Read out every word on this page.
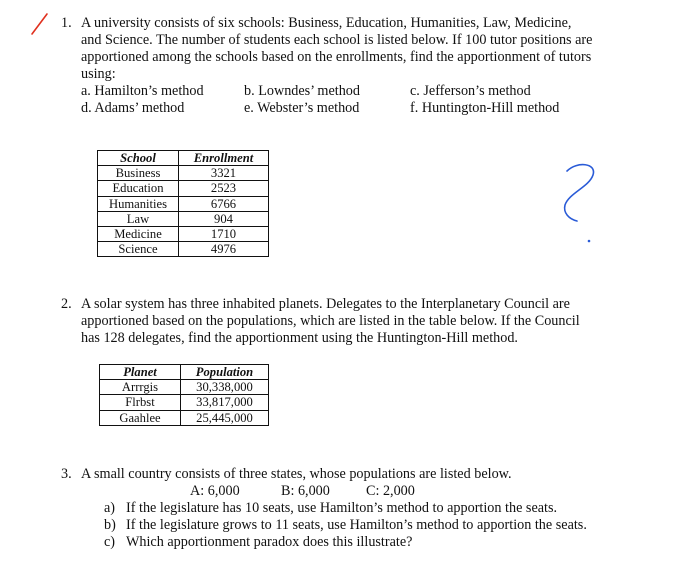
1. A university consists of six schools: Business, Education, Humanities, Law, Medicine,
and Science. The number of students each school is listed below. If 100 tutor positions are
apportioned among the schools based on the enrollments, find the apportionment of tutors
using:
a. Hamilton’s method	b. Lowndes’ method	c. Jefferson’s method
d. Adams’ method	e. Webster’s method	f. Huntington-Hill method
School	Enrollment
Business	3321
Education	2523
Humanities	6766
Law	904
Medicine	1710
Science	4976
2. A solar system has three inhabited planets. Delegates to the Interplanetary Council are
apportioned based on the populations, which are listed in the table below. If the Council
has 128 delegates, find the apportionment using the Huntington-Hill method.
Planet	Population
Arrrgis	30,338,000
Flrbst	33,817,000
Gaahlee	25,445,000
3. A small country consists of three states, whose populations are listed below.
A: 6,000	B: 6,000	C: 2,000
a) If the legislature has 10 seats, use Hamilton’s method to apportion the seats.
b) If the legislature grows to 11 seats, use Hamilton’s method to apportion the seats.
c) Which apportionment paradox does this illustrate?
